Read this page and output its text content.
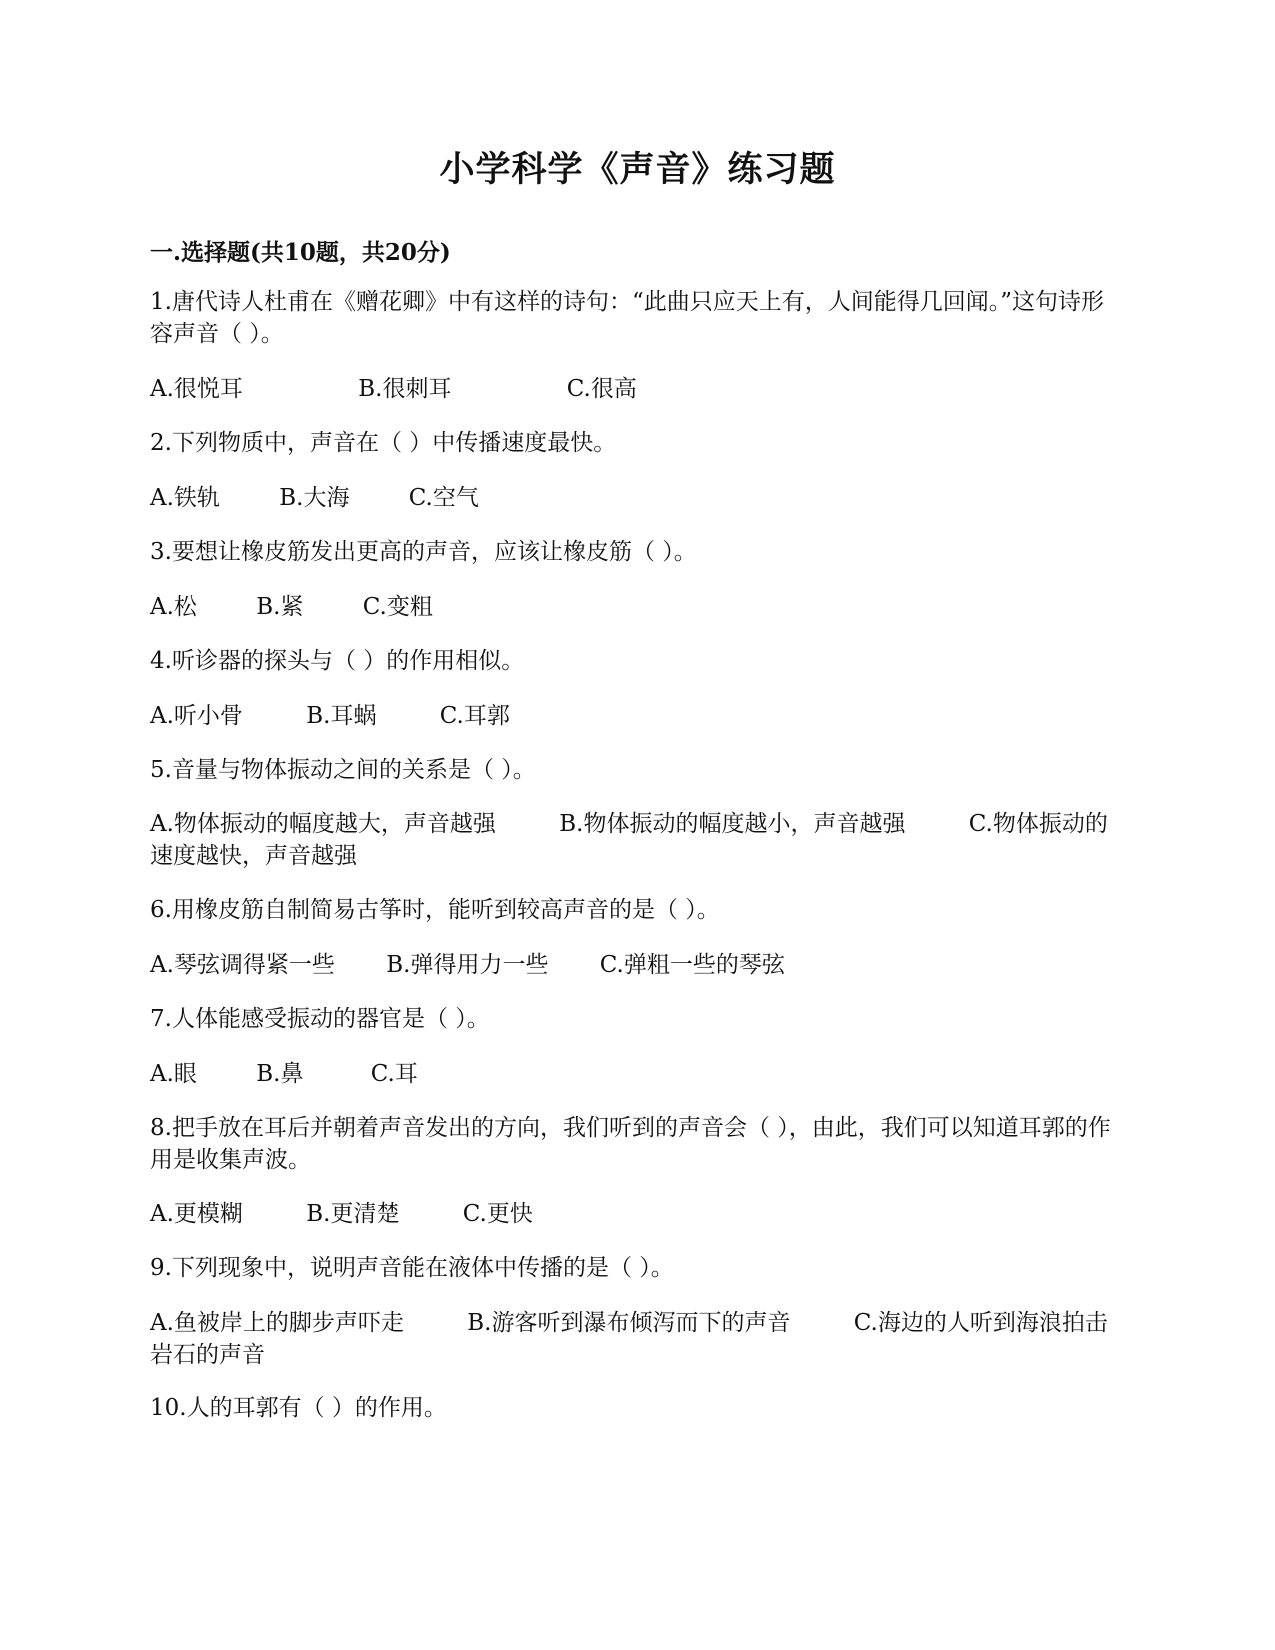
小学科学《声音》练习题
一.选择题(共10题，共20分)
1.唐代诗人杜甫在《赠花卿》中有这样的诗句：“此曲只应天上有，人间能得几回闻。”这句诗形容声音（ ）。
A.很悦耳	B.很刺耳	C.很高
2.下列物质中，声音在（ ）中传播速度最快。
A.铁轨	B.大海	C.空气
3.要想让橡皮筋发出更高的声音，应该让橡皮筋（ ）。
A.松	B.紧	C.变粗
4.听诊器的探头与（ ）的作用相似。
A.听小骨	B.耳蜗	C.耳郭
5.音量与物体振动之间的关系是（ ）。
A.物体振动的幅度越大，声音越强	B.物体振动的幅度越小，声音越强	C.物体振动的速度越快，声音越强
6.用橡皮筋自制简易古筝时，能听到较高声音的是（ ）。
A.琴弦调得紧一些 B.弹得用力一些 C.弹粗一些的琴弦
7.人体能感受振动的器官是（ ）。
A.眼	B.鼻	C.耳
8.把手放在耳后并朝着声音发出的方向，我们听到的声音会（ ），由此，我们可以知道耳郭的作用是收集声波。
A.更模糊	B.更清楚	C.更快
9.下列现象中，说明声音能在液体中传播的是（ ）。
A.鱼被岸上的脚步声吓走	B.游客听到瀑布倾泻而下的声音	C.海边的人听到海浪拍击岩石的声音
10.人的耳郭有（ ）的作用。
